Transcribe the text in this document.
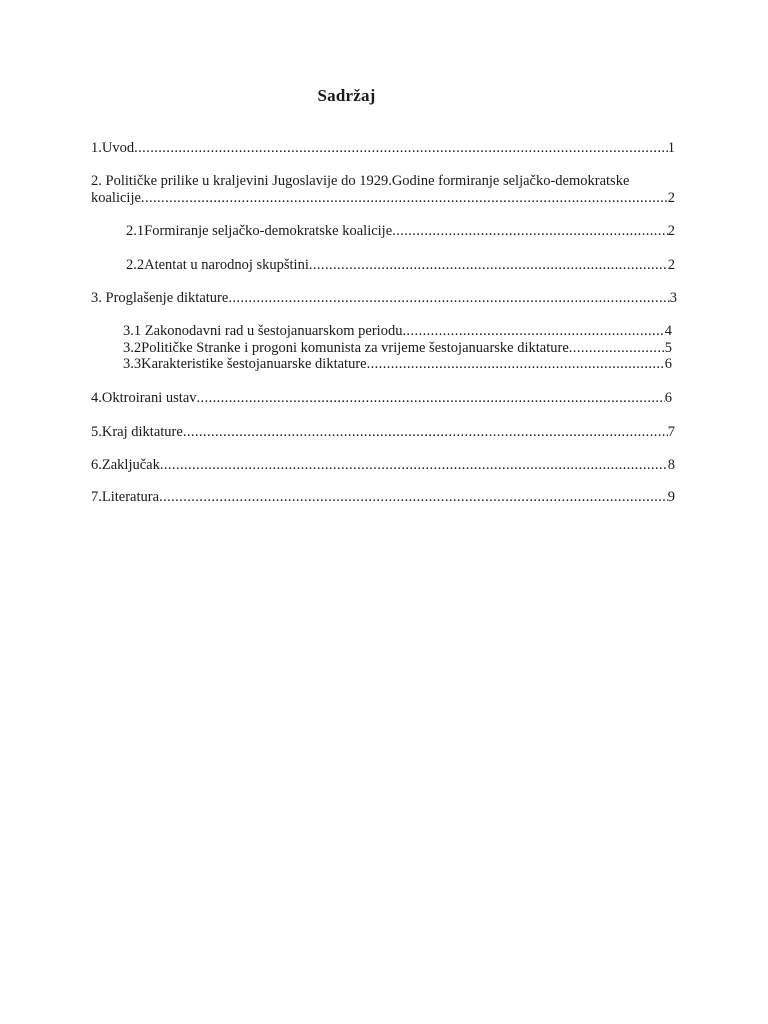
Sadržaj
1.Uvod .....	1
2. Političke prilike u kraljevini Jugoslavije do 1929.Godine formiranje seljačko-demokratske
koalicije .....	2
2.1Formiranje seljačko-demokratske koalicije .....	2
2.2Atentat u narodnoj skupštini .....	2
3. Proglašenje diktature .....	3
3.1 Zakonodavni rad u šestojanuarskom periodu .....	4
3.2Političke Stranke i progoni komunista za vrijeme šestojanuarske diktature .....	5
3.3Karakteristike šestojanuarske diktature .....	6
4.Oktroirani ustav .....	6
5.Kraj diktature .....	7
6.Zaključak .....	8
7.Literatura .....	9
